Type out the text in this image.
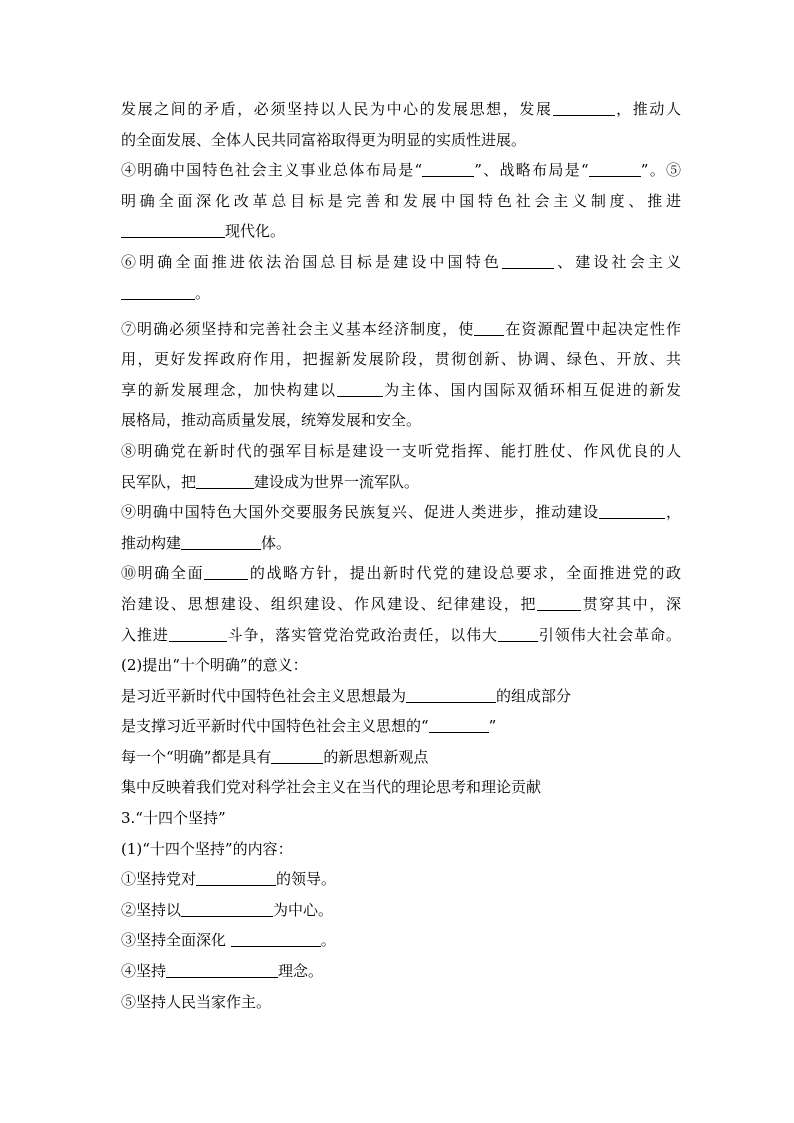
发展之间的矛盾，必须坚持以人民为中心的发展思想，发展	，推动人
的全面发展、全体人民共同富裕取得更为明显的实质性进展。
④明确中国特色社会主义事业总体布局是“	”、战略布局是“	”。⑤
明确全面深化改革总目标是完善和发展中国特色社会主义制度、推进
现代化。
⑥明确全面推进依法治国总目标是建设中国特色	、建设社会主义
。
⑦明确必须坚持和完善社会主义基本经济制度，使 在资源配置中起决定性作
用，更好发挥政府作用，把握新发展阶段，贯彻创新、协调、绿色、开放、共
享的新发展理念，加快构建以	为主体、国内国际双循环相互促进的新发
展格局，推动高质量发展，统筹发展和安全。
⑧明确党在新时代的强军目标是建设一支听党指挥、能打胜仗、作风优良的人
民军队，把	建设成为世界一流军队。
⑨明确中国特色大国外交要服务民族复兴、促进人类进步，推动建设	，
推动构建	体。
⑩明确全面	的战略方针，提出新时代党的建设总要求，全面推进党的政
治建设、思想建设、组织建设、作风建设、纪律建设，把	贯穿其中，深
入推进	斗争，落实管党治党政治责任，以伟大	引领伟大社会革命。
(2)提出“十个明确”的意义：
是习近平新时代中国特色社会主义思想最为	的组成部分
是支撑习近平新时代中国特色社会主义思想的“	”
每一个“明确”都是具有	的新思想新观点
集中反映着我们党对科学社会主义在当代的理论思考和理论贡献
3.“十四个坚持”
(1)“十四个坚持”的内容：
①坚持党对	的领导。
②坚持以	为中心。
③坚持全面深化	。
④坚持	理念。
⑤坚持人民当家作主。
